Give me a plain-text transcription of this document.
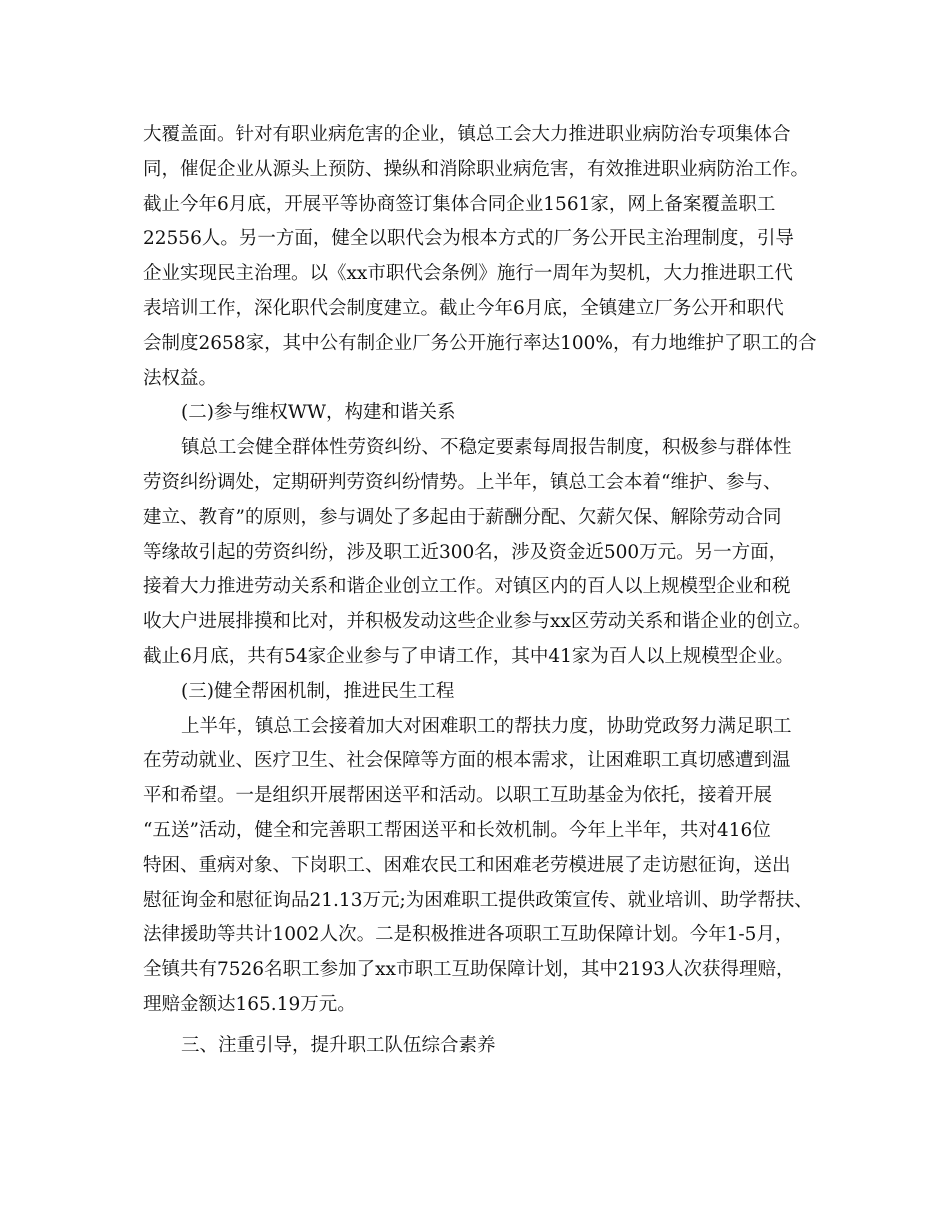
大覆盖面。针对有职业病危害的企业，镇总工会大力推进职业病防治专项集体合
同，催促企业从源头上预防、操纵和消除职业病危害，有效推进职业病防治工作。
截止今年6月底，开展平等协商签订集体合同企业1561家，网上备案覆盖职工
22556人。另一方面，健全以职代会为根本方式的厂务公开民主治理制度，引导
企业实现民主治理。以《xx市职代会条例》施行一周年为契机，大力推进职工代
表培训工作，深化职代会制度建立。截止今年6月底，全镇建立厂务公开和职代
会制度2658家，其中公有制企业厂务公开施行率达100%，有力地维护了职工的合
法权益。
(二)参与维权WW，构建和谐关系
镇总工会健全群体性劳资纠纷、不稳定要素每周报告制度，积极参与群体性
劳资纠纷调处，定期研判劳资纠纷情势。上半年，镇总工会本着“维护、参与、
建立、教育”的原则，参与调处了多起由于薪酬分配、欠薪欠保、解除劳动合同
等缘故引起的劳资纠纷，涉及职工近300名，涉及资金近500万元。另一方面，
接着大力推进劳动关系和谐企业创立工作。对镇区内的百人以上规模型企业和税
收大户进展排摸和比对，并积极发动这些企业参与xx区劳动关系和谐企业的创立。
截止6月底，共有54家企业参与了申请工作，其中41家为百人以上规模型企业。
(三)健全帮困机制，推进民生工程
上半年，镇总工会接着加大对困难职工的帮扶力度，协助党政努力满足职工
在劳动就业、医疗卫生、社会保障等方面的根本需求，让困难职工真切感遭到温
平和希望。一是组织开展帮困送平和活动。以职工互助基金为依托，接着开展
“五送”活动，健全和完善职工帮困送平和长效机制。今年上半年，共对416位
特困、重病对象、下岗职工、困难农民工和困难老劳模进展了走访慰征询，送出
慰征询金和慰征询品21.13万元;为困难职工提供政策宣传、就业培训、助学帮扶、
法律援助等共计1002人次。二是积极推进各项职工互助保障计划。今年1-5月，
全镇共有7526名职工参加了xx市职工互助保障计划，其中2193人次获得理赔，
理赔金额达165.19万元。
三、注重引导，提升职工队伍综合素养
